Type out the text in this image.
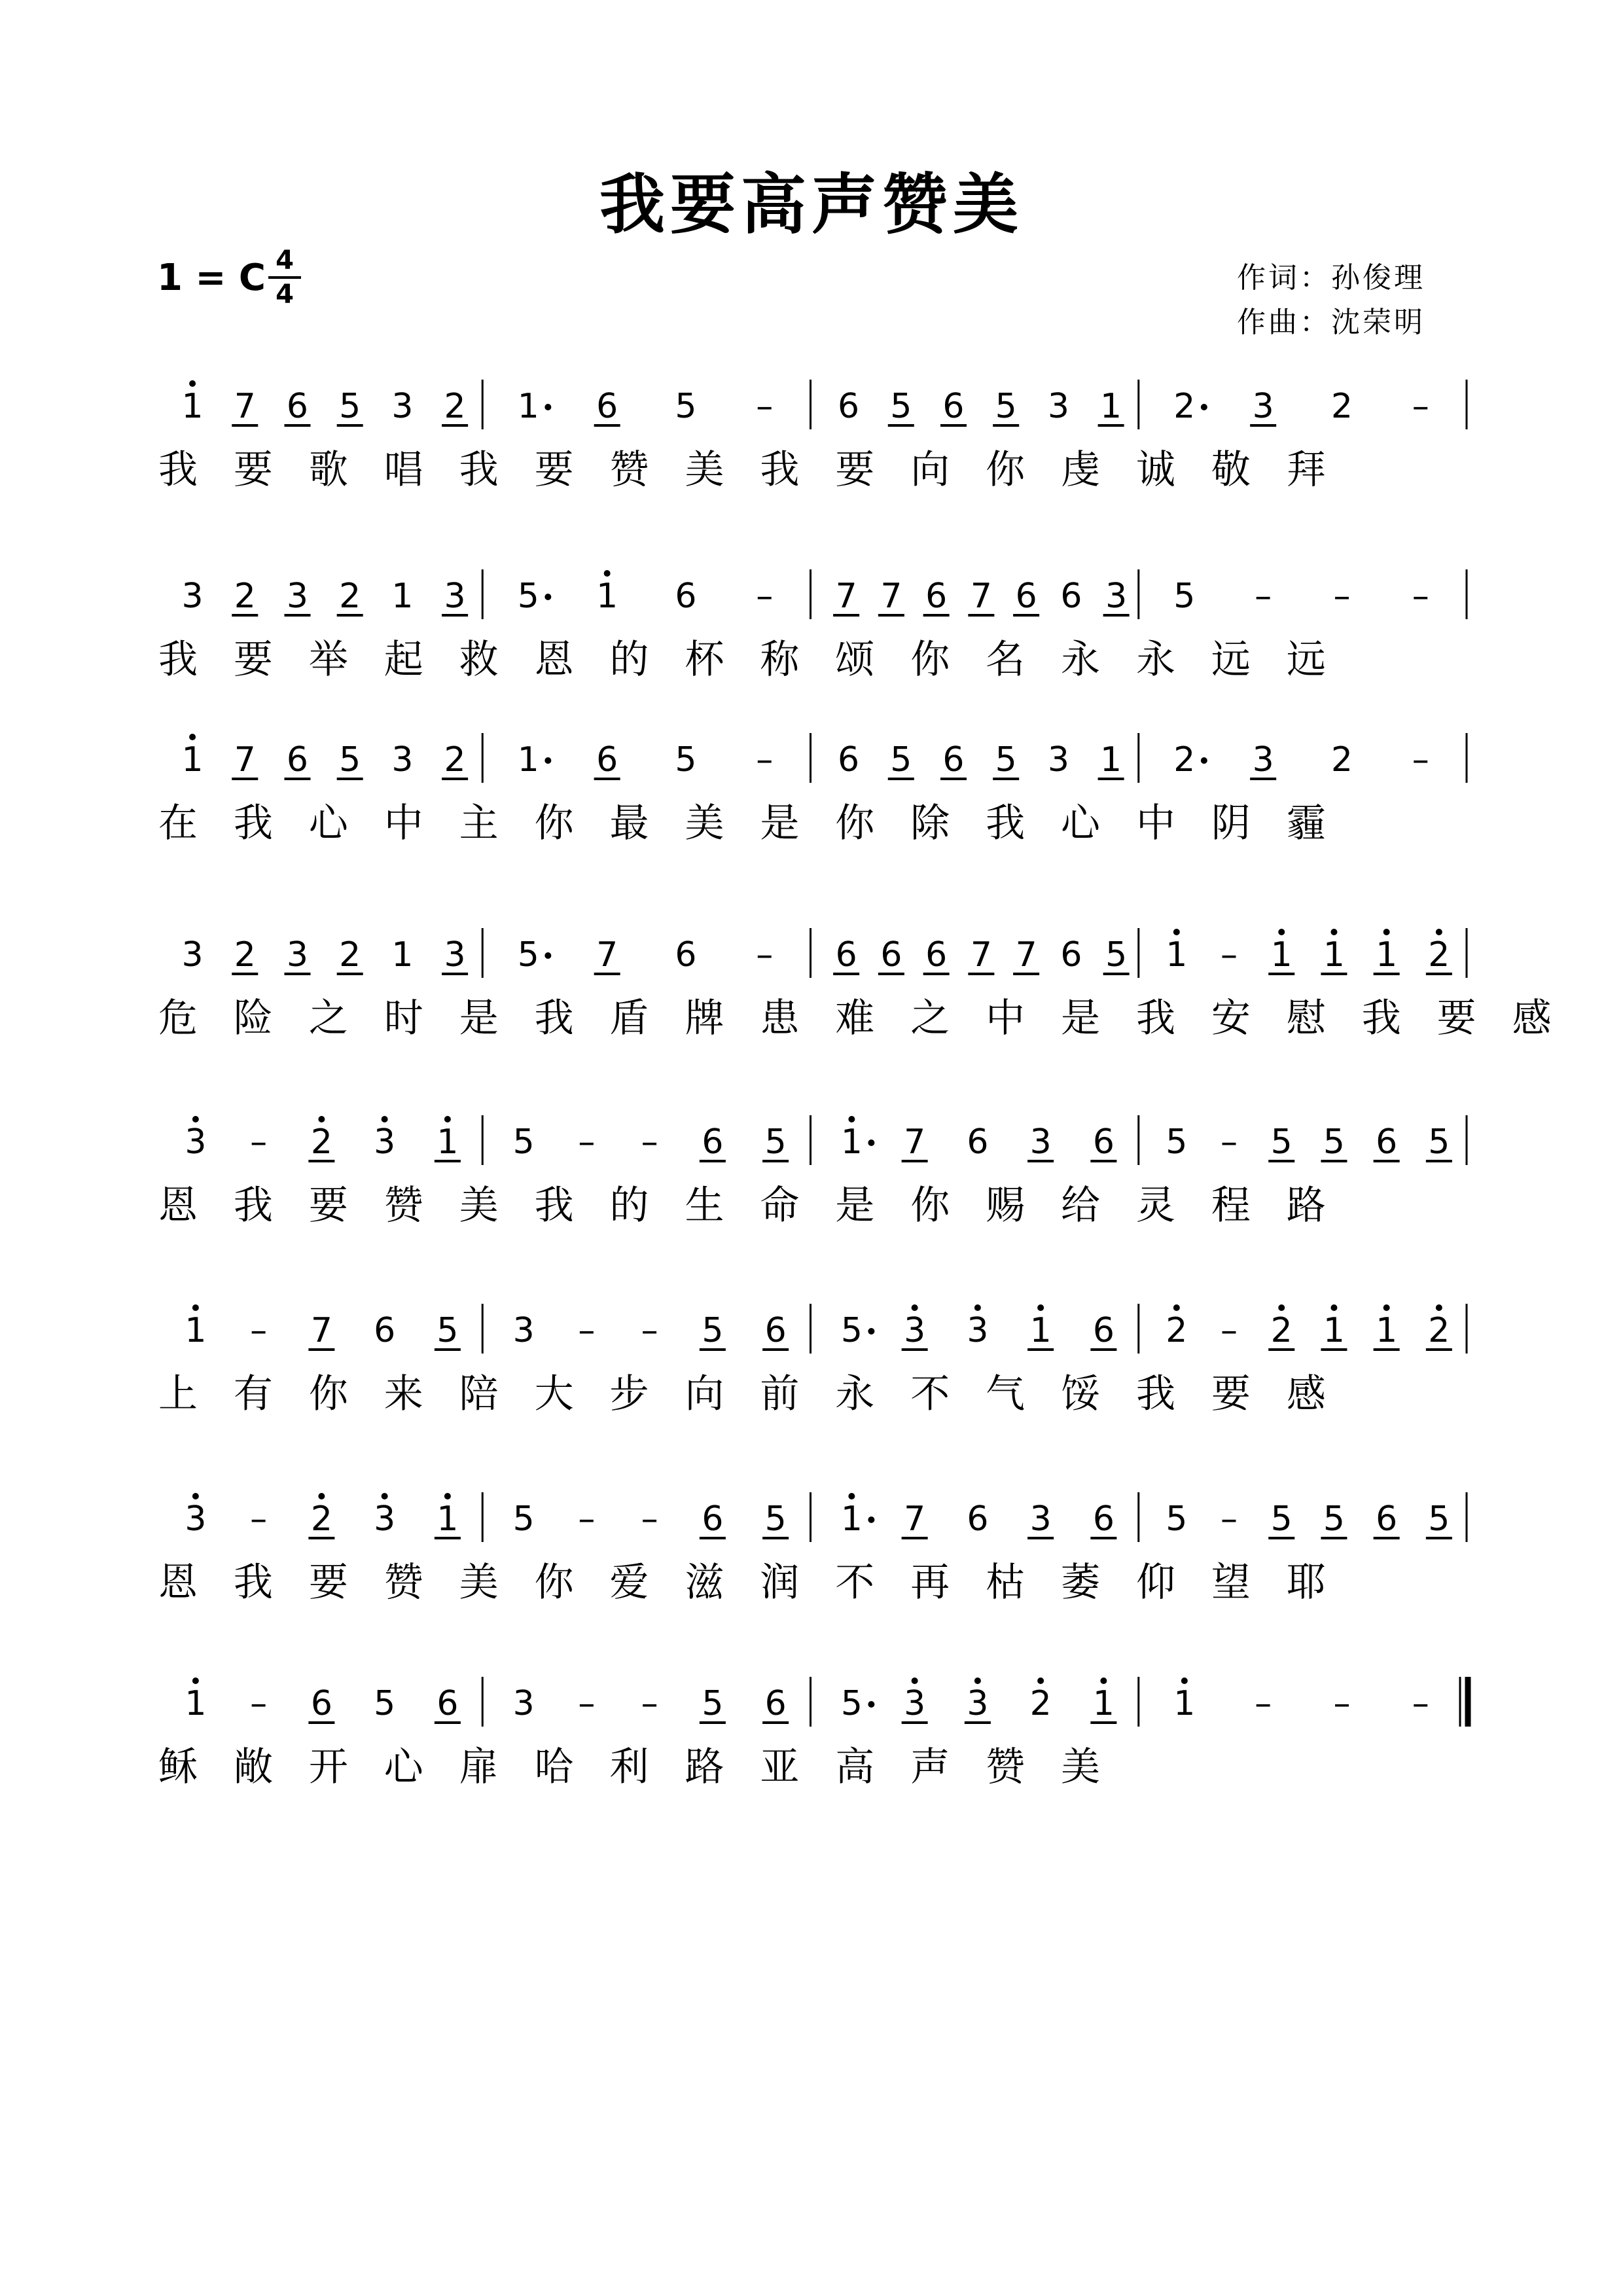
我要高声赞美
1 = C 4
4	作词：孙俊理
作曲：沈荣明
1 7 6 5 3 2 1 6 5 – 6 5 6 5 3 1 2 3 2 –
我 要 歌 唱 我 要 赞 美 我 要 向 你 虔 诚 敬 拜
3 2 3 2 1 3 5 1 6 – 7 7 6 7 6 6 3 5 – – –
我 要 举 起 救 恩 的 杯 称 颂 你 名 永 永 远 远
1 7 6 5 3 2 1 6 5 – 6 5 6 5 3 1 2 3 2 –
在 我 心 中 主 你 最 美 是 你 除 我 心 中 阴 霾
3 2 3 2 1 3 5 7 6 – 6 6 6 7 7 6 5 1 – 1 1 1 2
危 险 之 时 是 我 盾 牌 患 难 之 中 是 我 安 慰 我 要 感
3 – 2 3 1 5 – – 6 5 1 7 6 3 6 5 – 5 5 6 5
恩 我 要 赞 美 我 的 生 命 是 你 赐 给 灵 程 路
1 – 7 6 5 3 – – 5 6 5 3 3 1 6 2 – 2 1 1 2
上 有 你 来 陪 大 步 向 前 永 不 气 馁 我 要 感
3 – 2 3 1 5 – – 6 5 1 7 6 3 6 5 – 5 5 6 5
恩 我 要 赞 美 你 爱 滋 润 不 再 枯 萎 仰 望 耶
1 – 6 5 6 3 – – 5 6 5 3 3 2 1 1 – – –
稣 敞 开 心 扉 哈 利 路 亚 高 声 赞 美
